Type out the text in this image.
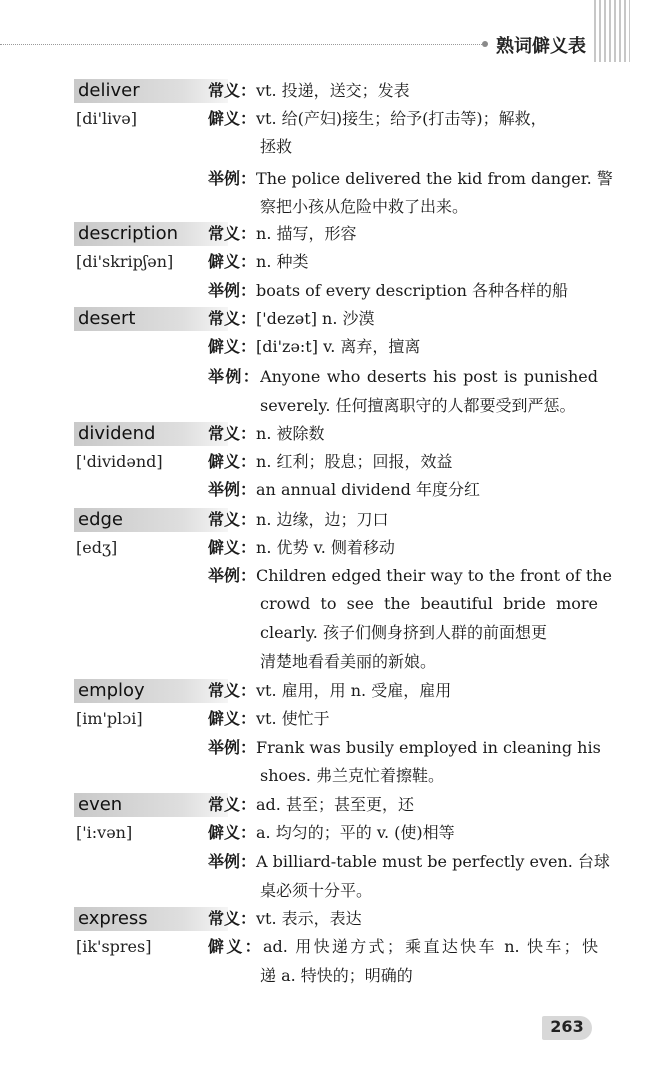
熟词僻义表
deliver
[di'livə]
常义：vt. 投递，送交；发表
僻义：vt. 给(产妇)接生；给予(打击等)；解救，
拯救
举例：The police delivered the kid from danger. 警
察把小孩从危险中救了出来。
description
[di'skripʃən]
常义：n. 描写，形容
僻义：n. 种类
举例：boats of every description 各种各样的船
desert	常义：['dezət] n. 沙漠
僻义：[di'zə:t] v. 离弃，擅离
举例：Anyone who deserts his post is punished
severely. 任何擅离职守的人都要受到严惩。
dividend
['dividənd]
常义：n. 被除数
僻义：n. 红利；股息；回报，效益
举例：an annual dividend 年度分红
edge
[edʒ]
常义：n. 边缘，边；刀口
僻义：n. 优势 v. 侧着移动
举例：Children edged their way to the front of the
crowd to see the beautiful bride more
clearly. 孩子们侧身挤到人群的前面想更
清楚地看看美丽的新娘。
employ
[im'plɔi]
常义：vt. 雇用，用 n. 受雇，雇用
僻义：vt. 使忙于
举例：Frank was busily employed in cleaning his
shoes. 弗兰克忙着擦鞋。
even
['i:vən]
常义：ad. 甚至；甚至更，还
僻义：a. 均匀的；平的 v. (使)相等
举例：A billiard-table must be perfectly even. 台球
桌必须十分平。
express
[ik'spres]
常义：vt. 表示，表达
僻义：ad. 用快递方式；乘直达快车 n. 快车；快
递 a. 特快的；明确的
263
